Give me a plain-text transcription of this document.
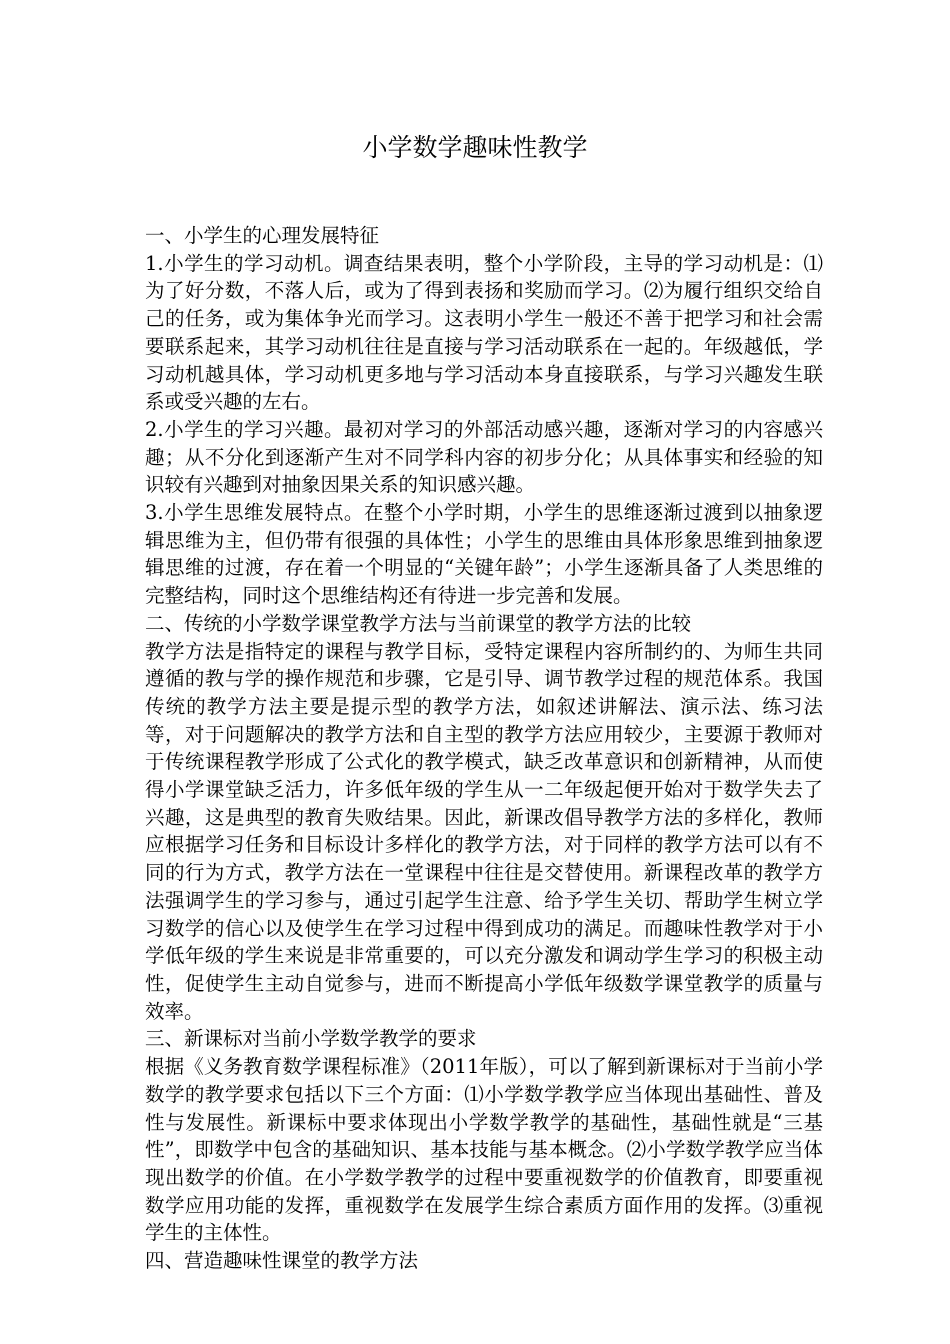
小学数学趣味性教学

一、小学生的心理发展特征

1.小学生的学习动机。调查结果表明，整个小学阶段，主导的学习动机是：⑴为了好分数，不落人后，或为了得到表扬和奖励而学习。⑵为履行组织交给自己的任务，或为集体争光而学习。这表明小学生一般还不善于把学习和社会需要联系起来，其学习动机往往是直接与学习活动联系在一起的。年级越低，学习动机越具体，学习动机更多地与学习活动本身直接联系，与学习兴趣发生联系或受兴趣的左右。

2.小学生的学习兴趣。最初对学习的外部活动感兴趣，逐渐对学习的内容感兴趣；从不分化到逐渐产生对不同学科内容的初步分化；从具体事实和经验的知识较有兴趣到对抽象因果关系的知识感兴趣。

3.小学生思维发展特点。在整个小学时期，小学生的思维逐渐过渡到以抽象逻辑思维为主，但仍带有很强的具体性；小学生的思维由具体形象思维到抽象逻辑思维的过渡，存在着一个明显的“关键年龄”；小学生逐渐具备了人类思维的完整结构，同时这个思维结构还有待进一步完善和发展。

二、传统的小学数学课堂教学方法与当前课堂的教学方法的比较

教学方法是指特定的课程与教学目标，受特定课程内容所制约的、为师生共同遵循的教与学的操作规范和步骤，它是引导、调节教学过程的规范体系。我国传统的教学方法主要是提示型的教学方法，如叙述讲解法、演示法、练习法等，对于问题解决的教学方法和自主型的教学方法应用较少，主要源于教师对于传统课程教学形成了公式化的教学模式，缺乏改革意识和创新精神，从而使得小学课堂缺乏活力，许多低年级的学生从一二年级起便开始对于数学失去了兴趣，这是典型的教育失败结果。因此，新课改倡导教学方法的多样化，教师应根据学习任务和目标设计多样化的教学方法，对于同样的教学方法可以有不同的行为方式，教学方法在一堂课程中往往是交替使用。新课程改革的教学方法强调学生的学习参与，通过引起学生注意、给予学生关切、帮助学生树立学习数学的信心以及使学生在学习过程中得到成功的满足。而趣味性教学对于小学低年级的学生来说是非常重要的，可以充分激发和调动学生学习的积极主动性，促使学生主动自觉参与，进而不断提高小学低年级数学课堂教学的质量与效率。

三、新课标对当前小学数学教学的要求

根据《义务教育数学课程标准》（2011年版），可以了解到新课标对于当前小学数学的教学要求包括以下三个方面：⑴小学数学教学应当体现出基础性、普及性与发展性。新课标中要求体现出小学数学教学的基础性，基础性就是“三基性”，即数学中包含的基础知识、基本技能与基本概念。⑵小学数学教学应当体现出数学的价值。在小学数学教学的过程中要重视数学的价值教育，即要重视数学应用功能的发挥，重视数学在发展学生综合素质方面作用的发挥。⑶重视学生的主体性。

四、营造趣味性课堂的教学方法
